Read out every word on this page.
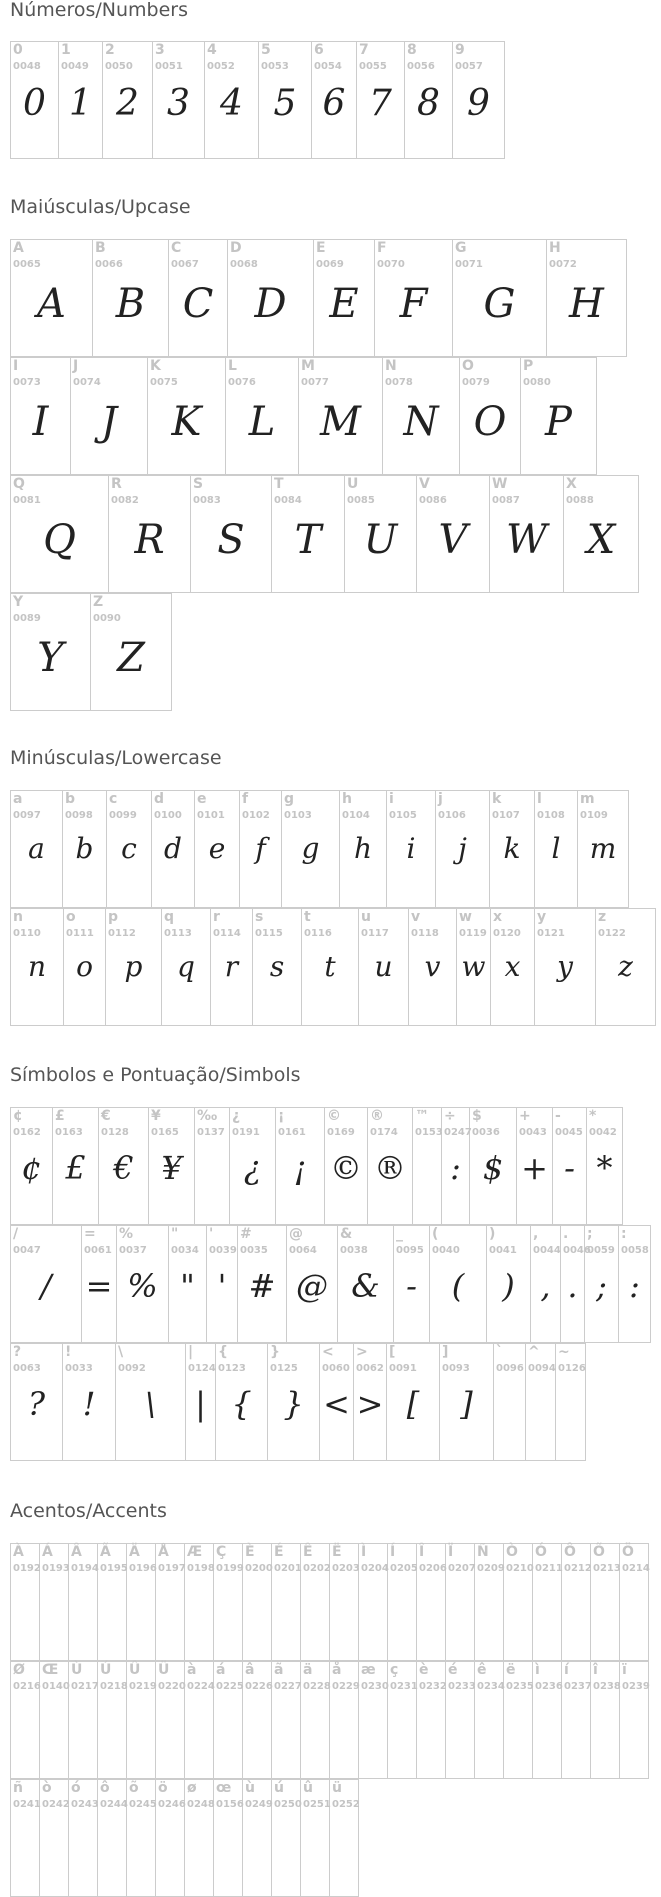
Números/Numbers
0
0048
0
1
0049
1
2
0050
2
3
0051
3
4
0052
4
5
0053
5
6
0054
6
7
0055
7
8
0056
8
9
0057
9
Maiúsculas/Upcase
A
0065
A
B
0066
B
C
0067
C
D
0068
D
E
0069
E
F
0070
F
G
0071
G
H
0072
H
I
0073
I
J
0074
J
K
0075
K
L
0076
L
M
0077
M
N
0078
N
O
0079
O
P
0080
P
Q
0081
Q
R
0082
R
S
0083
S
T
0084
T
U
0085
U
V
0086
V
W
0087
W
X
0088
X
Y
0089
Y
Z
0090
Z
Minúsculas/Lowercase
a
0097
a
b
0098
b
c
0099
c
d
0100
d
e
0101
e
f
0102
f
g
0103
g
h
0104
h
i
0105
i
j
0106
j
k
0107
k
l
0108
l
m
0109
m
n
0110
n
o
0111
o
p
0112
p
q
0113
q
r
0114
r
s
0115
s
t
0116
t
u
0117
u
v
0118
v
w
0119
w
x
0120
x
y
0121
y
z
0122
z
Símbolos e Pontuação/Simbols
¢
0162
¢
£
0163
£
€
0128
€
¥
0165
¥
‰
0137
¿
0191
¿
¡
0161
¡
©
0169
©
®
0174
®
™
0153
÷
0247
:
$
0036
$
+
0043
+
-
0045
-
*
0042
*
/
0047
/
=
0061
=
%
0037
%
"
0034
"
'
0039
'
#
0035
#
@
0064
@
&
0038
&
_
0095
-
(
0040
(
)
0041
)
,
0044
,
.
0046
.
;
0059
;
:
0058
:
?
0063
?
!
0033
!
\
0092
\
|
0124
|
{
0123
{
}
0125
}
<
0060
<
>
0062
>
[
0091
[
]
0093
]
`
0096
^
0094
~
0126
Acentos/Accents
À
0192
Á
0193
Â
0194
Ã
0195
Ä
0196
Å
0197
Æ
0198
Ç
0199
È
0200
É
0201
Ê
0202
Ë
0203
Ì
0204
Í
0205
Î
0206
Ï
0207
Ñ
0209
Ò
0210
Ó
0211
Ô
0212
Õ
0213
Ö
0214
Ø
0216
Œ
0140
Ù
0217
Ú
0218
Û
0219
Ü
0220
à
0224
á
0225
â
0226
ã
0227
ä
0228
å
0229
æ
0230
ç
0231
è
0232
é
0233
ê
0234
ë
0235
ì
0236
í
0237
î
0238
ï
0239
ñ
0241
ò
0242
ó
0243
ô
0244
õ
0245
ö
0246
ø
0248
œ
0156
ù
0249
ú
0250
û
0251
ü
0252
